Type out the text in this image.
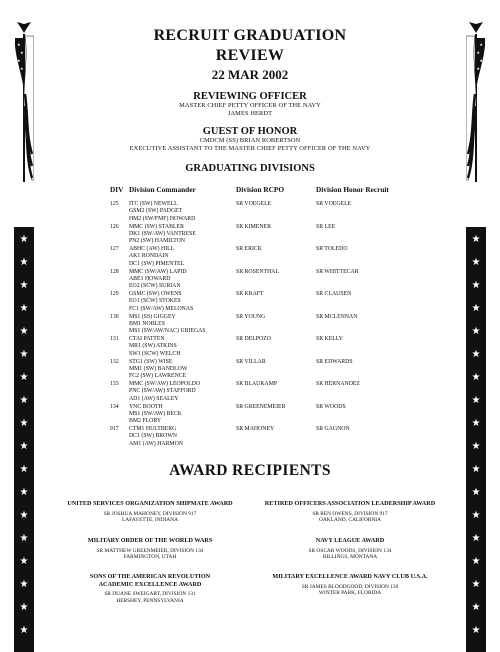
★
★
★
★
★
★
★
★
★
★
★
★
★
★
★
★
★
★
★
★
★
★
★
★
★
★
★
★
★
★
★
★
★
★
★
★
★
★
★
★
★
★
★
★
★
★
★
★
RECRUIT GRADUATION
REVIEW
22 MAR 2002
REVIEWING OFFICER
MASTER CHIEF PETTY OFFICER OF THE NAVY
JAMES HERDT
GUEST OF HONOR
CMDCM (SS) BRIAN ROBERTSON
EXECUTIVE ASSISTANT TO THE MASTER CHIEF PETTY OFFICER OF THE NAVY
GRADUATING DIVISIONS
DIV Division Commander	Division RCPO	Division Honor Recruit
125 ITC (SW) NEWELL
GSM2 (SW) PADGET
HM2 (SW/FMF) HOWARD
SR VOEGELE	SR VOEGELE
126 MMC (SW) STABLER
DK1 (SW/AW) VANTRESE
PN2 (SW) HAMILTON
SR KIMENER	SR LEE
127 ABHC (AW) HILL
AK1 RONDAIN
DC1 (SW) PIMENTEL
SR ERICK	SR TOLEDO
128 MMC (SW/AW) LAPID
ABE1 HOWARD
EO2 (SCW) SURIAN
SR ROSENTHAL	SR WHITTECAR
129 GSMC (SW) OWENS
EO1 (SCW) STOKES
FC1 (SW/AW) MELONAS
SR KRAFT	SR CLAUSEN
130 MS1 (SS) GIGGEY
BM1 NOBLES
MS1 (SW/AW/NAC) URIEGAS
SR YOUNG	SR MCLENNAN
131 CTAI PATTEN
MR1 (SW) ATKINS
SW1 (SCW) WELCH
SR DELPOZO	SR KELLY
132 STG1 (SW) WISE
MM1 (SW) BANDLOW
FC2 (SW) LAWRENCE
SR VILLAR	SR EDWARDS
133 MMC (SW/AW) LEOPOLDO
PNC (SW/AW) STAFFORD
AD1 (AW) SEALEY
SR BLAUKAMP	SR HERNANDEZ
134 YNC BOOTH
MS1 (SW/AW) BECK
BM2 FLORY
SR GREENEMEIER	SR WOODS
917 CTM1 HULTBERG
DC1 (SW) BROWN
AM1 (AW) HARMON
SR MAHONEY	SR GAGNON
AWARD RECIPIENTS
UNITED SERVICES ORGANIZATION SHIPMATE AWARD
SR JOSHUA MAHONEY, DIVISION 917
LAFAYETTE, INDIANA
MILITARY ORDER OF THE WORLD WARS
SR MATTHEW GREENMEIER, DIVISION 134
FARMINGTON, UTAH
SONS OF THE AMERICAN REVOLUTION
ACADEMIC EXCELLENCE AWARD
SR DUANE SWEIGART, DIVISION 131
HERSHEY, PENNSYLVANIA
RETIRED OFFICERS ASSOCIATION LEADERSHIP AWARD
SR REN OWENS, DIVISION 917
OAKLAND, CALIFORNIA
NAVY LEAGUE AWARD
SR OSCAR WOODS, DIVISION 134
BILLINGS, MONTANA
MILITARY EXCELLENCE AWARD NAVY CLUB U.S.A.
SR JAMES BLOODGOOD, DIVISION 130
WINTER PARK, FLORIDA
